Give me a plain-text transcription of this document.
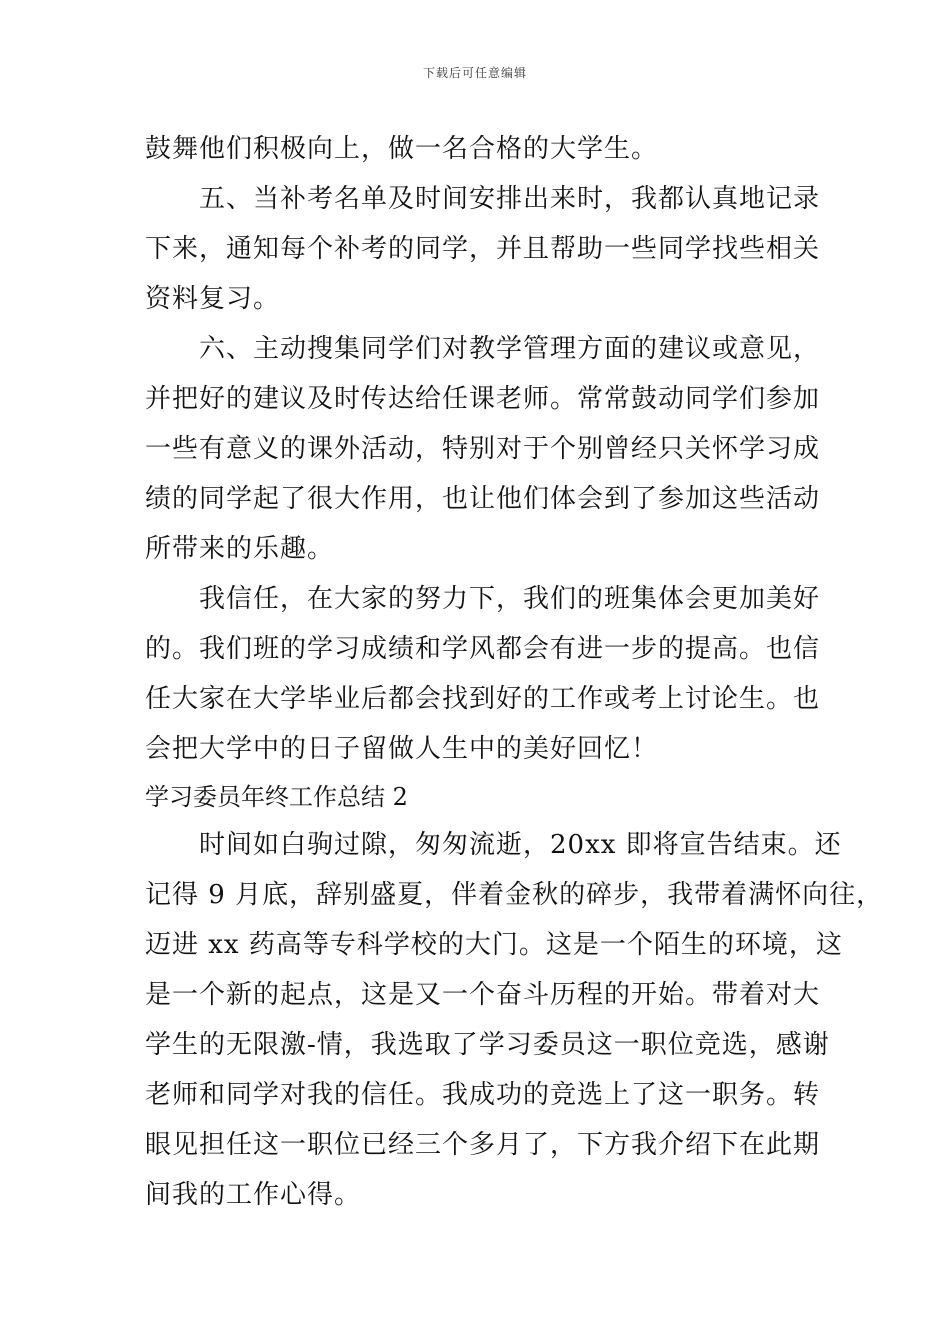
下载后可任意编辑
鼓舞他们积极向上，做一名合格的大学生。
五、当补考名单及时间安排出来时，我都认真地记录
下来，通知每个补考的同学，并且帮助一些同学找些相关
资料复习。
六、主动搜集同学们对教学管理方面的建议或意见，
并把好的建议及时传达给任课老师。常常鼓动同学们参加
一些有意义的课外活动，特别对于个别曾经只关怀学习成
绩的同学起了很大作用，也让他们体会到了参加这些活动
所带来的乐趣。
我信任，在大家的努力下，我们的班集体会更加美好
的。我们班的学习成绩和学风都会有进一步的提高。也信
任大家在大学毕业后都会找到好的工作或考上讨论生。也
会把大学中的日子留做人生中的美好回忆！
学习委员年终工作总结 2
时间如白驹过隙，匆匆流逝，20xx 即将宣告结束。还
记得 9 月底，辞别盛夏，伴着金秋的碎步，我带着满怀向往，
迈进 xx 药高等专科学校的大门。这是一个陌生的环境，这
是一个新的起点，这是又一个奋斗历程的开始。带着对大
学生的无限激-情，我选取了学习委员这一职位竞选，感谢
老师和同学对我的信任。我成功的竞选上了这一职务。转
眼见担任这一职位已经三个多月了，下方我介绍下在此期
间我的工作心得。
